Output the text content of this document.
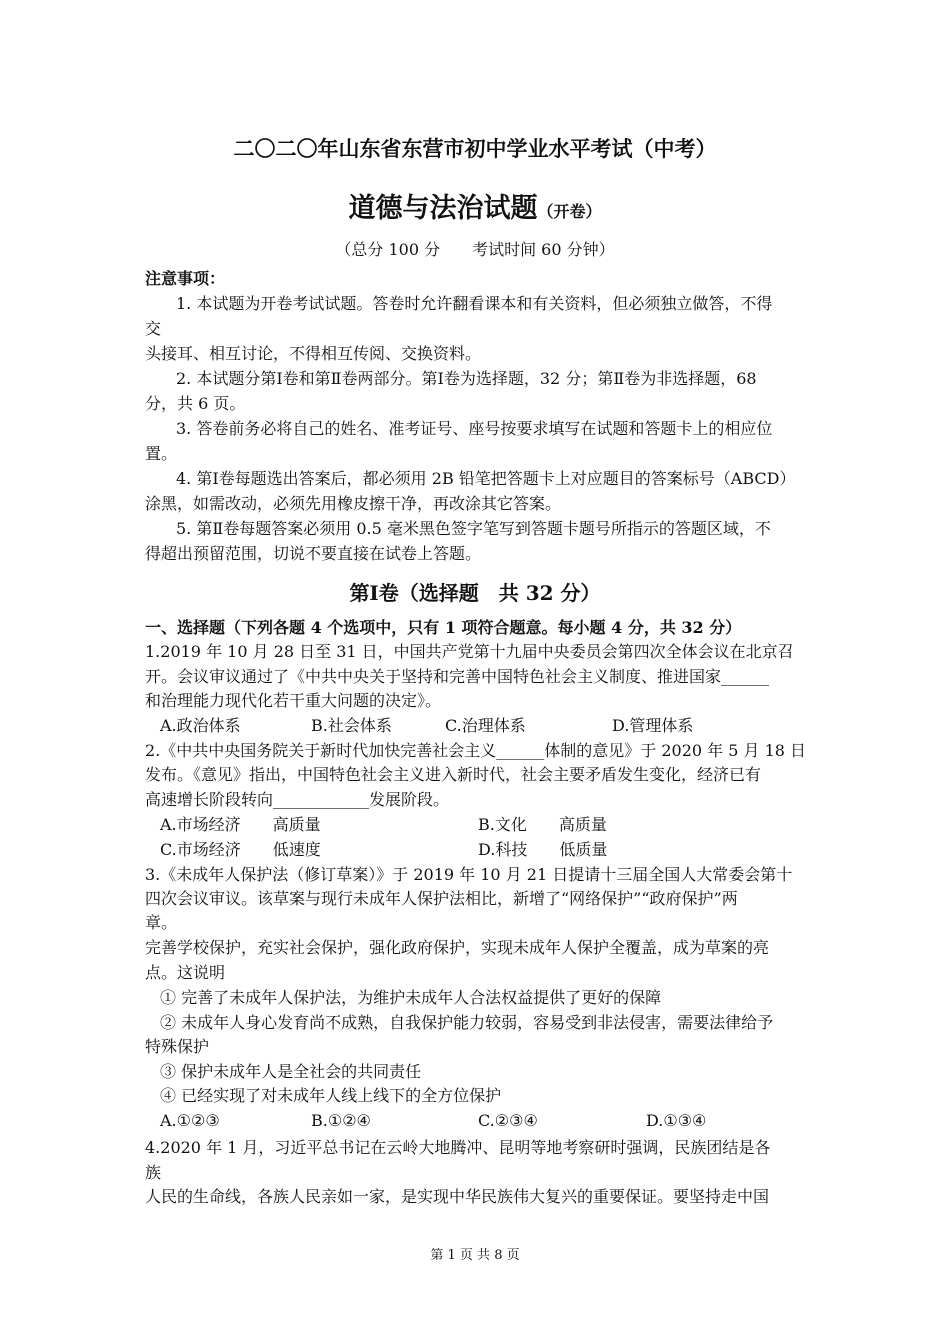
二〇二〇年山东省东营市初中学业水平考试（中考）
道德与法治试题（开卷）
（总分 100 分　　考试时间 60 分钟）
注意事项：
1. 本试题为开卷考试试题。答卷时允许翻看课本和有关资料，但必须独立做答，不得
交
头接耳、相互讨论，不得相互传阅、交换资料。
2. 本试题分第Ⅰ卷和第Ⅱ卷两部分。第Ⅰ卷为选择题，32 分；第Ⅱ卷为非选择题，68
分，共 6 页。
3. 答卷前务必将自己的姓名、准考证号、座号按要求填写在试题和答题卡上的相应位
置。
4. 第Ⅰ卷每题选出答案后，都必须用 2B 铅笔把答题卡上对应题目的答案标号（ABCD）
涂黑，如需改动，必须先用橡皮擦干净，再改涂其它答案。
5. 第Ⅱ卷每题答案必须用 0.5 毫米黑色签字笔写到答题卡题号所指示的答题区域，不
得超出预留范围，切说不要直接在试卷上答题。
第Ⅰ卷（选择题　共 32 分）
一、选择题（下列各题 4 个选项中，只有 1 项符合题意。每小题 4 分，共 32 分）
1.2019 年 10 月 28 日至 31 日，中国共产党第十九届中央委员会第四次全体会议在北京召
开。会议审议通过了《中共中央关于坚持和完善中国特色社会主义制度、推进国家______
和治理能力现代化若干重大问题的决定》。
A.政治体系	B.社会体系	C.治理体系	D.管理体系
2.《中共中央国务院关于新时代加快完善社会主义______体制的意见》于 2020 年 5 月 18 日
发布。《意见》指出，中国特色社会主义进入新时代，社会主要矛盾发生变化，经济已有
高速增长阶段转向____________发展阶段。
A.市场经济　　高质量	B.文化　　高质量
C.市场经济　　低速度	D.科技　　低质量
3.《未成年人保护法（修订草案）》于 2019 年 10 月 21 日提请十三届全国人大常委会第十
四次会议审议。该草案与现行未成年人保护法相比，新增了“网络保护”“政府保护”两
章。
完善学校保护，充实社会保护，强化政府保护，实现未成年人保护全覆盖，成为草案的亮
点。这说明
① 完善了未成年人保护法，为维护未成年人合法权益提供了更好的保障
② 未成年人身心发育尚不成熟，自我保护能力较弱，容易受到非法侵害，需要法律给予
特殊保护
③ 保护未成年人是全社会的共同责任
④ 已经实现了对未成年人线上线下的全方位保护
A.①②③	B.①②④	C.②③④	D.①③④
4.2020 年 1 月，习近平总书记在云岭大地腾冲、昆明等地考察研时强调，民族团结是各
族
人民的生命线，各族人民亲如一家，是实现中华民族伟大复兴的重要保证。要坚持走中国
第 1 页 共 8 页
